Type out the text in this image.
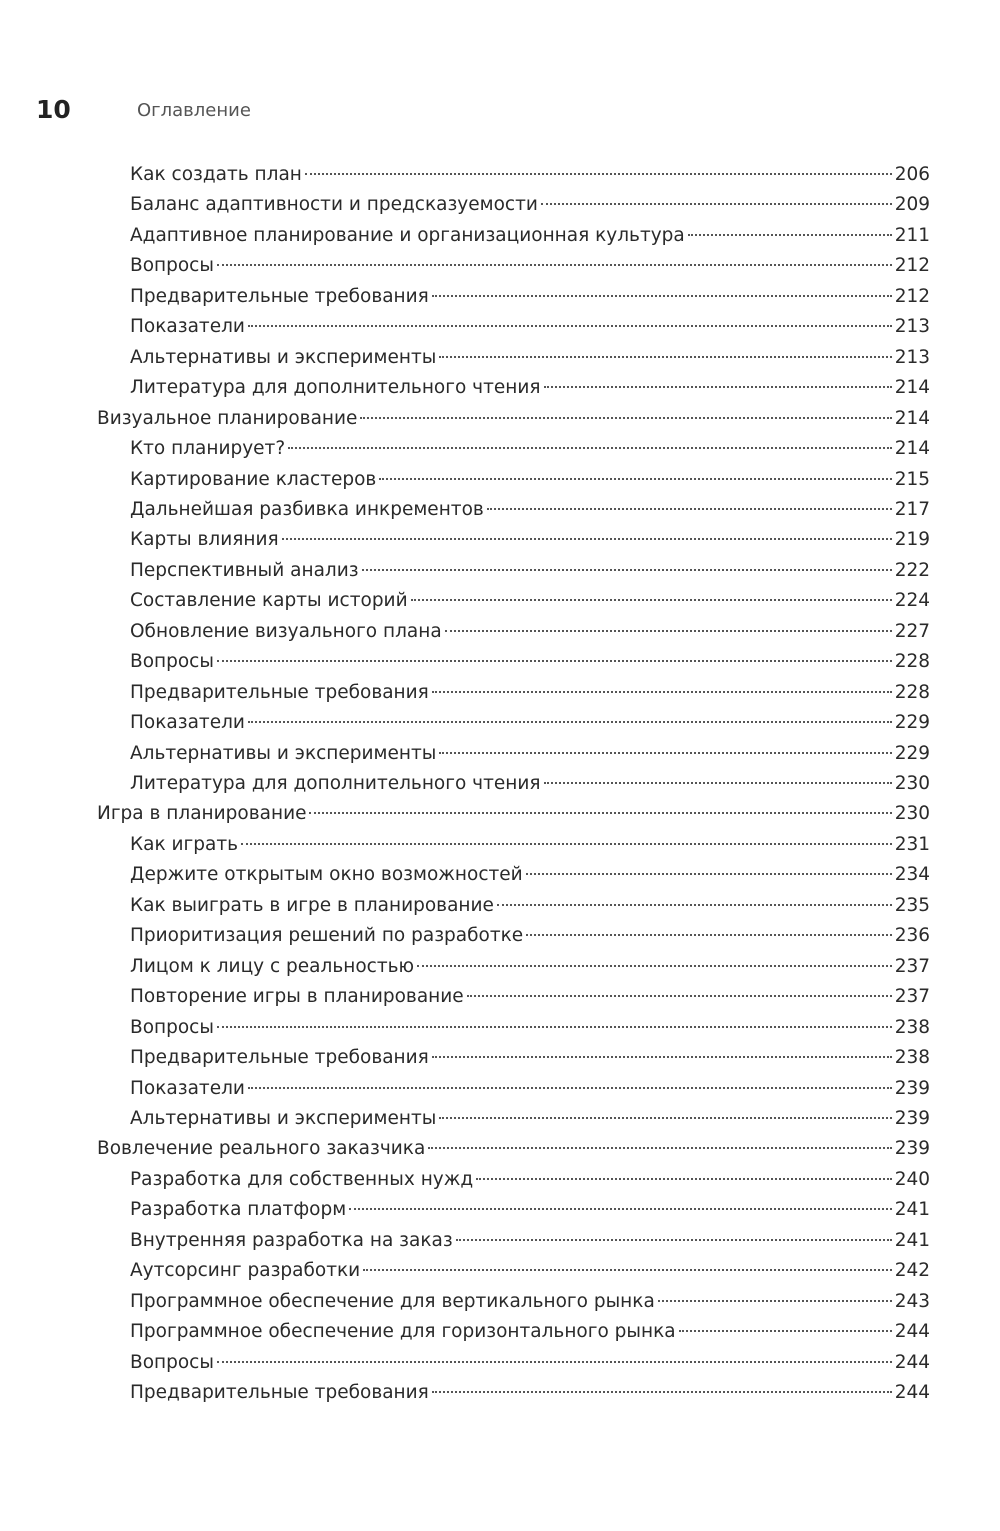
10	Оглавление
Как создать план	206
Баланс адаптивности и предсказуемости	209
Адаптивное планирование и организационная культура	211
Вопросы	212
Предварительные требования	212
Показатели	213
Альтернативы и эксперименты	213
Литература для дополнительного чтения	214
Визуальное планирование	214
Кто планирует?	214
Картирование кластеров	215
Дальнейшая разбивка инкрементов	217
Карты влияния	219
Перспективный анализ	222
Составление карты историй	224
Обновление визуального плана	227
Вопросы	228
Предварительные требования	228
Показатели	229
Альтернативы и эксперименты	229
Литература для дополнительного чтения	230
Игра в планирование	230
Как играть	231
Держите открытым окно возможностей	234
Как выиграть в игре в планирование	235
Приоритизация решений по разработке	236
Лицом к лицу с реальностью	237
Повторение игры в планирование	237
Вопросы	238
Предварительные требования	238
Показатели	239
Альтернативы и эксперименты	239
Вовлечение реального заказчика	239
Разработка для собственных нужд	240
Разработка платформ	241
Внутренняя разработка на заказ	241
Аутсорсинг разработки	242
Программное обеспечение для вертикального рынка	243
Программное обеспечение для горизонтального рынка	244
Вопросы	244
Предварительные требования	244
